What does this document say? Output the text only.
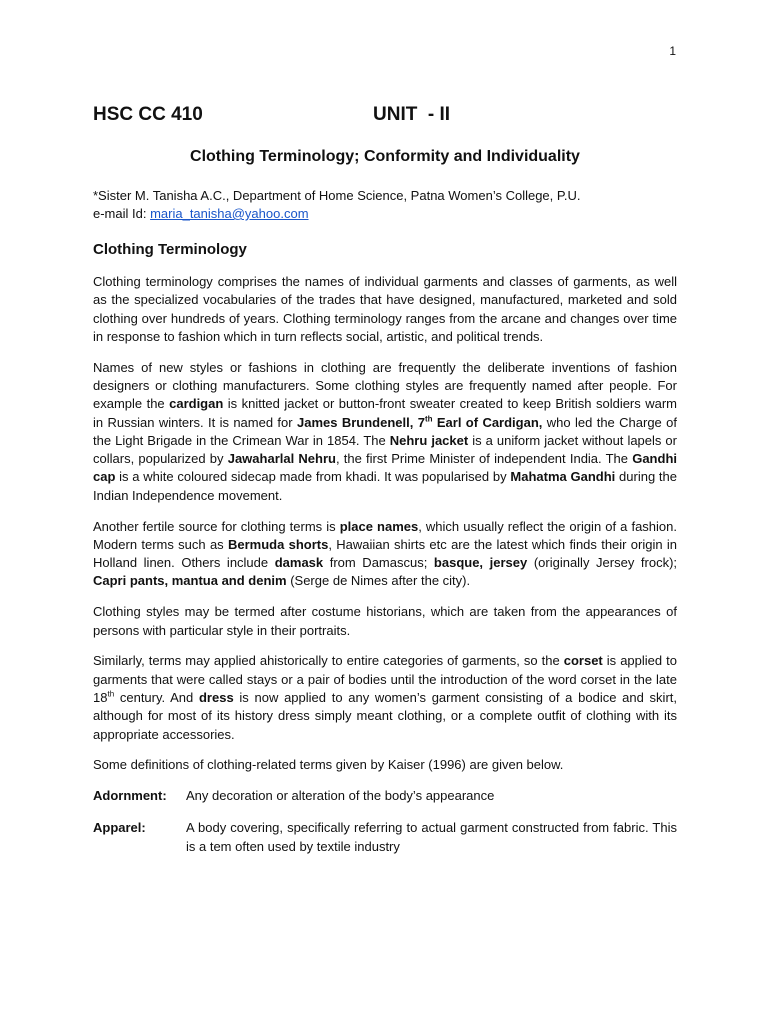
1
HSC CC 410	UNIT  - II
Clothing Terminology; Conformity and Individuality
*Sister M. Tanisha A.C., Department of Home Science, Patna Women’s College, P.U.
e-mail Id: maria_tanisha@yahoo.com
Clothing Terminology

Clothing terminology comprises the names of individual garments and classes of garments, as well as the specialized vocabularies of the trades that have designed, manufactured, marketed and sold clothing over hundreds of years. Clothing terminology ranges from the arcane and changes over time in response to fashion which in turn reflects social, artistic, and political trends.

Names of new styles or fashions in clothing are frequently the deliberate inventions of fashion designers or clothing manufacturers. Some clothing styles are frequently named after people. For example the cardigan is knitted jacket or button-front sweater created to keep British soldiers warm in Russian winters. It is named for James Brundenell, 7th Earl of Cardigan, who led the Charge of the Light Brigade in the Crimean War in 1854. The Nehru jacket is a uniform jacket without lapels or collars, popularized by Jawaharlal Nehru, the first Prime Minister of independent India. The Gandhi cap is a white coloured sidecap made from khadi. It was popularised by Mahatma Gandhi during the Indian Independence movement.

Another fertile source for clothing terms is place names, which usually reflect the origin of a fashion. Modern terms such as Bermuda shorts, Hawaiian shirts etc are the latest which finds their origin in Holland linen. Others include damask from Damascus; basque, jersey (originally Jersey frock); Capri pants, mantua and denim (Serge de Nimes after the city).

Clothing styles may be termed after costume historians, which are taken from the appearances of persons with particular style in their portraits.

Similarly, terms may applied ahistorically to entire categories of garments, so the corset is applied to garments that were called stays or a pair of bodies until the introduction of the word corset in the late 18th century. And dress is now applied to any women’s garment consisting of a bodice and skirt, although for most of its history dress simply meant clothing, or a complete outfit of clothing with its appropriate accessories.

Some definitions of clothing-related terms given by Kaiser (1996) are given below.

Adornment:	Any decoration or alteration of the body’s appearance
Apparel:	A body covering, specifically referring to actual garment constructed from fabric. This is a tem often used by textile industry
